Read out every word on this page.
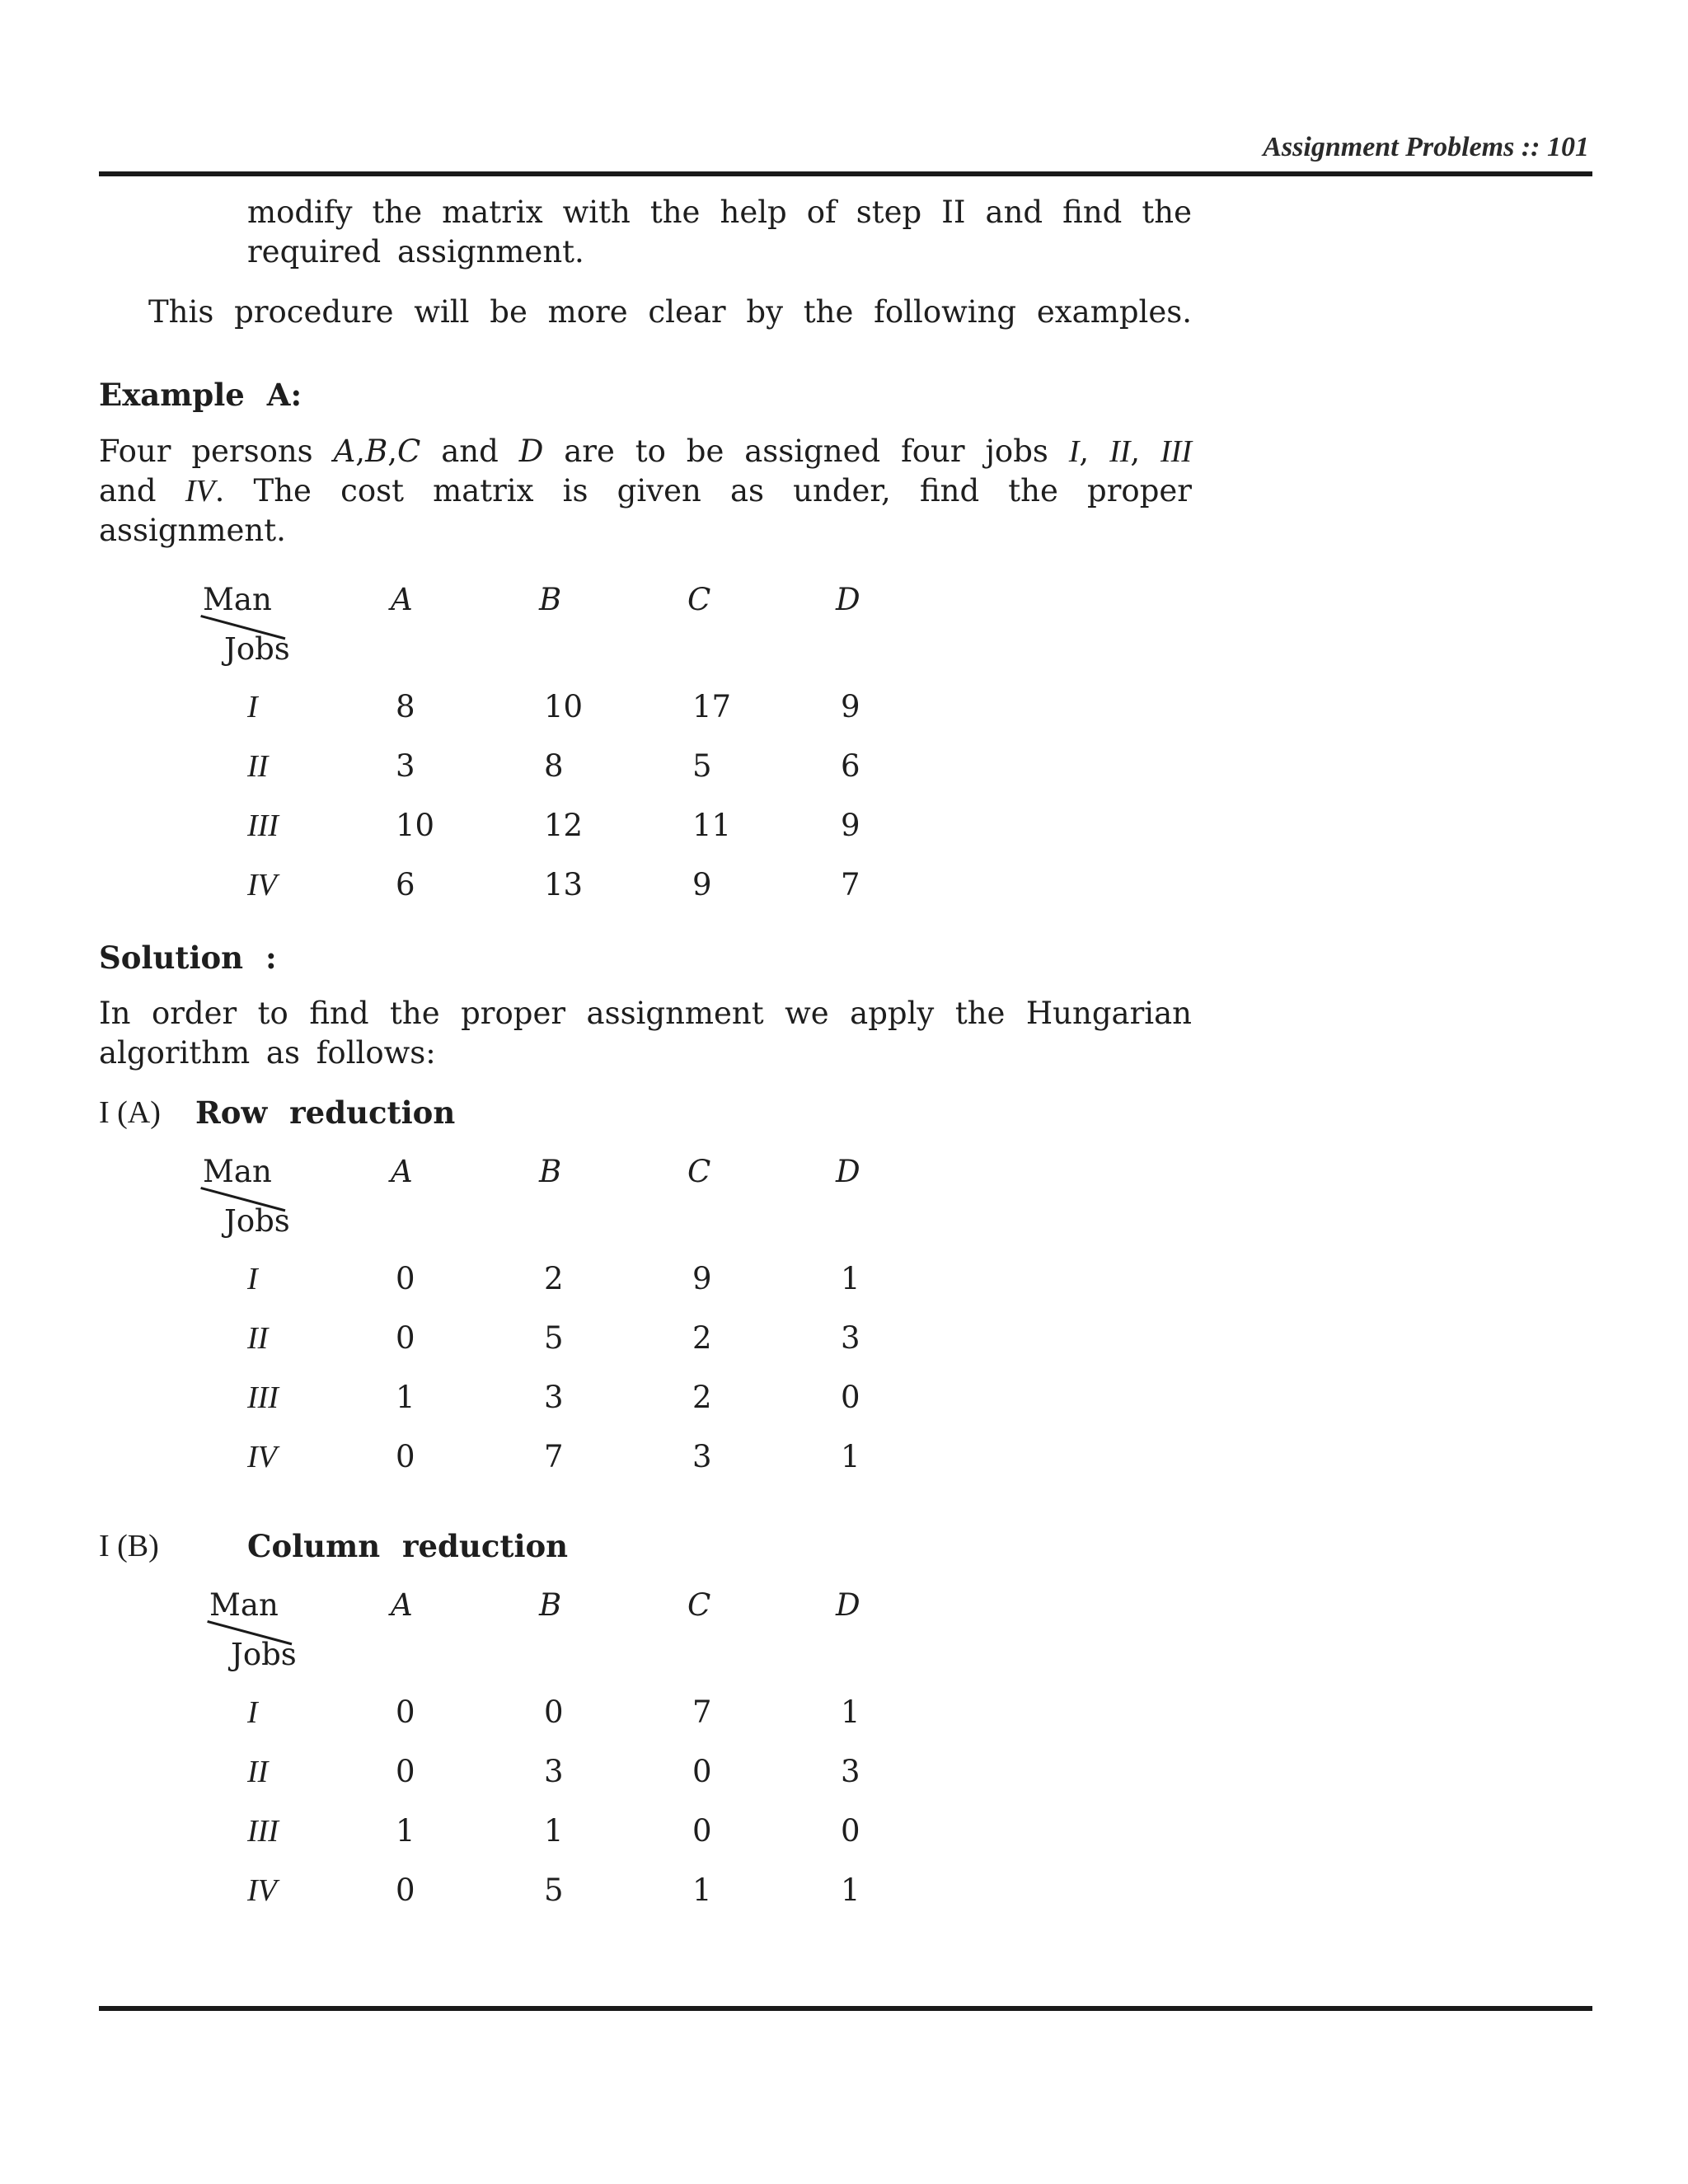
Assignment Problems :: 101
modify the matrix with the help of step II and find the
required assignment.
This procedure will be more clear by the following examples.
Example A:
Four persons A,B,C and D are to be assigned four jobs I, II, III
and IV. The cost matrix is given as under, find the proper
assignment.
Man
Jobs
A	B	C	D
I	8	10	17	9
II	3	8	5	6
III	10	12	11	9
IV	6	13	9	7
Solution :
In order to find the proper assignment we apply the Hungarian
algorithm as follows:
I (A) Row reduction
Man
Jobs
A	B	C	D
I	0	2	9	1
II	0	5	2	3
III	1	3	2	0
IV	0	7	3	1
I (B)	Column reduction
Man
Jobs
A	B	C	D
I	0	0	7	1
II	0	3	0	3
III	1	1	0	0
IV	0	5	1	1
